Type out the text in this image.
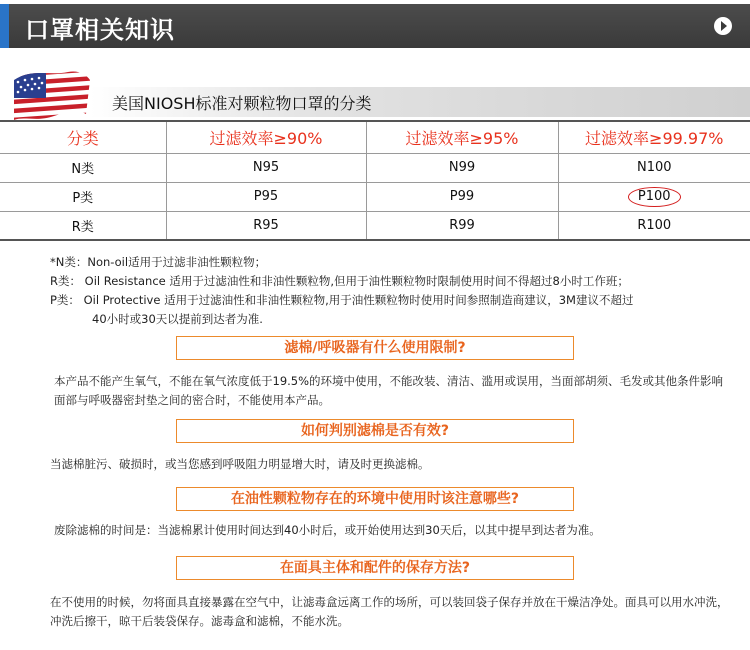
口罩相关知识
美国NIOSH标准对颗粒物口罩的分类
分类	过滤效率≥90%	过滤效率≥95%	过滤效率≥99.97%
N类	N95	N99	N100
P类	P95	P99	P100
R类	R95	R99	R100
*N类：Non-oil适用于过滤非油性颗粒物；
R类： Oil Resistance 适用于过滤油性和非油性颗粒物,但用于油性颗粒物时限制使用时间不得超过8小时工作班；
P类： Oil Protective 适用于过滤油性和非油性颗粒物,用于油性颗粒物时使用时间参照制造商建议，3M建议不超过
40小时或30天以提前到达者为准.
滤棉/呼吸器有什么使用限制?
本产品不能产生氧气，不能在氧气浓度低于19.5%的环境中使用，不能改装、清洁、滥用或误用，当面部胡须、毛发或其他条件影响面部与呼吸器密封垫之间的密合时，不能使用本产品。
如何判别滤棉是否有效?
当滤棉脏污、破损时，或当您感到呼吸阻力明显增大时，请及时更换滤棉。
在油性颗粒物存在的环境中使用时该注意哪些?
废除滤棉的时间是：当滤棉累计使用时间达到40小时后，或开始使用达到30天后，以其中提早到达者为准。
在面具主体和配件的保存方法?
在不使用的时候，勿将面具直接暴露在空气中，让滤毒盒远离工作的场所，可以装回袋子保存并放在干燥洁净处。面具可以用水冲洗，冲洗后擦干，晾干后装袋保存。滤毒盒和滤棉，不能水洗。
